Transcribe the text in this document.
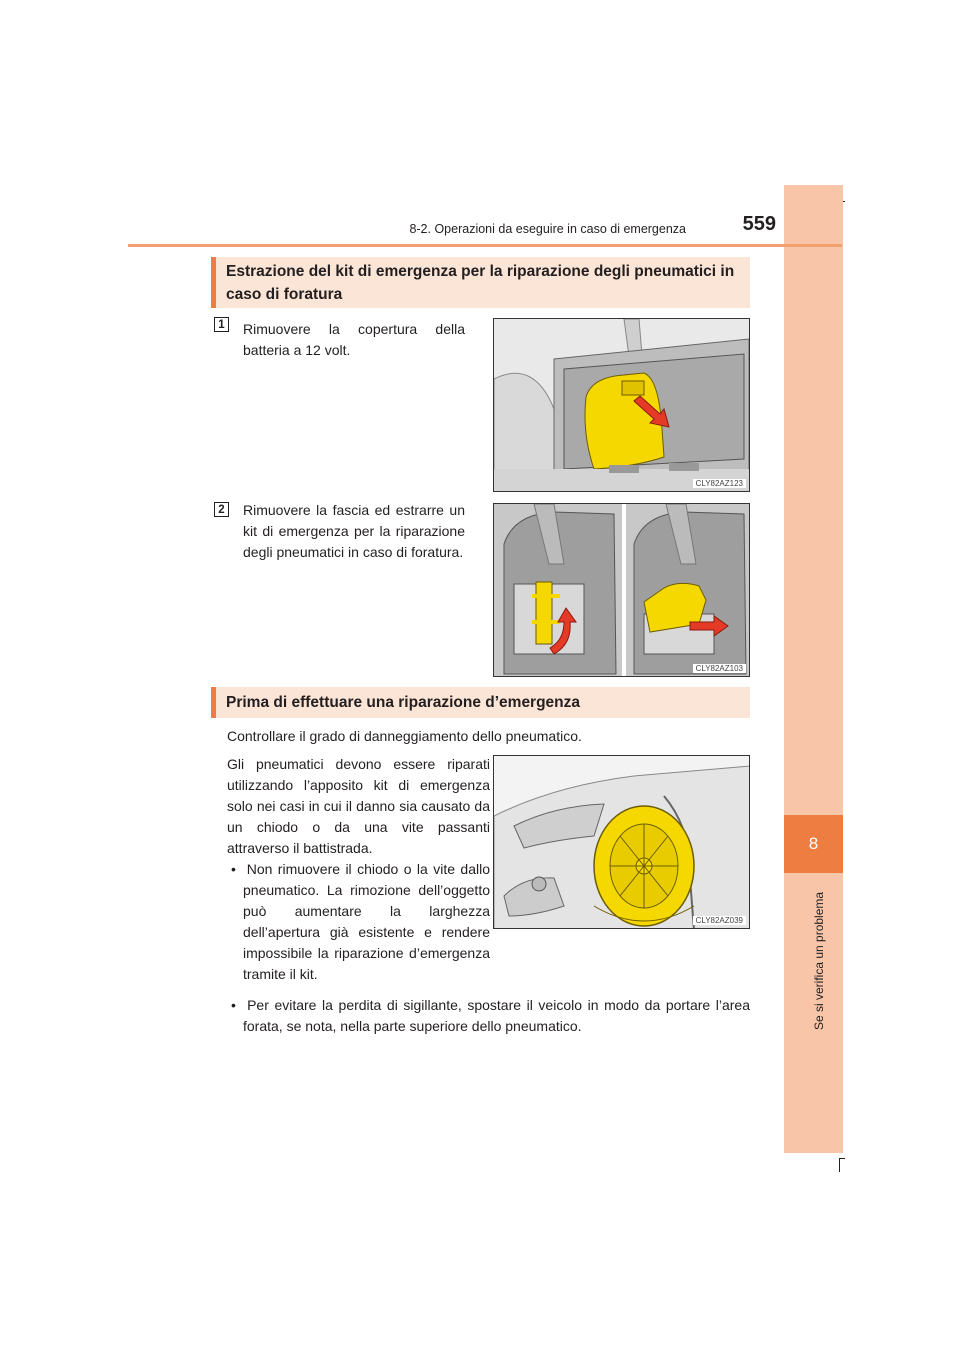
8
Se si verifica un problema
8-2. Operazioni da eseguire in caso di emergenza	559
Estrazione del kit di emergenza per la riparazione degli pneumatici in caso di foratura
1	Rimuovere la copertura della batteria a 12 volt.
CLY82AZ123
2	Rimuovere la fascia ed estrarre un kit di emergenza per la riparazione degli pneumatici in caso di foratura.
CLY82AZ103
Prima di effettuare una riparazione d’emergenza
Controllare il grado di danneggiamento dello pneumatico.
Gli pneumatici devono essere riparati utilizzando l’apposito kit di emergenza solo nei casi in cui il danno sia causato da un chiodo o da una vite passanti attraverso il battistrada.
• Non rimuovere il chiodo o la vite dallo pneumatico. La rimozione dell’oggetto può aumentare la larghezza dell’apertura già esistente e rendere impossibile la riparazione d’emergenza tramite il kit.
• Per evitare la perdita di sigillante, spostare il veicolo in modo da portare l’area forata, se nota, nella parte superiore dello pneumatico.
CLY82AZ039
